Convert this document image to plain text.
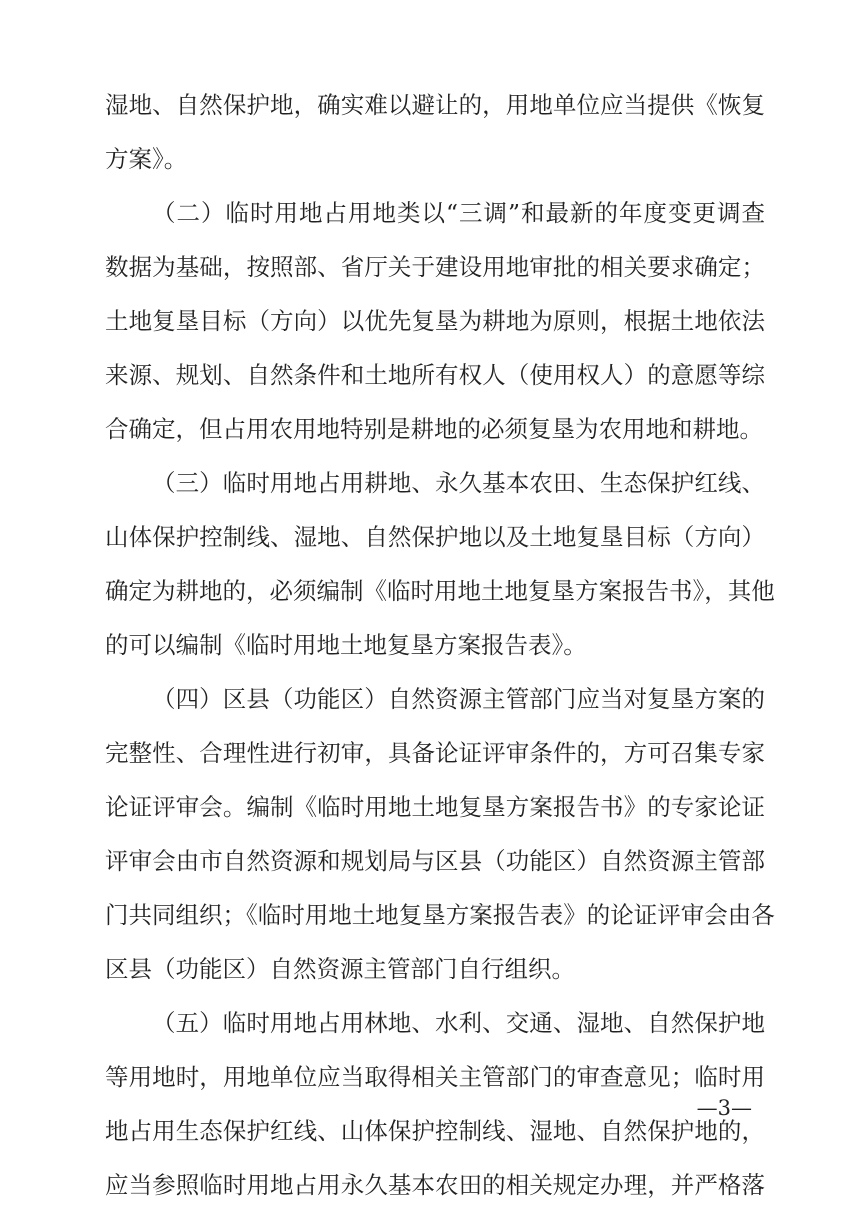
湿地、自然保护地，确实难以避让的，用地单位应当提供《恢复
方案》。
（二）临时用地占用地类以“三调”和最新的年度变更调查
数据为基础，按照部、省厅关于建设用地审批的相关要求确定；
土地复垦目标（方向）以优先复垦为耕地为原则，根据土地依法
来源、规划、自然条件和土地所有权人（使用权人）的意愿等综
合确定，但占用农用地特别是耕地的必须复垦为农用地和耕地。
（三）临时用地占用耕地、永久基本农田、生态保护红线、
山体保护控制线、湿地、自然保护地以及土地复垦目标（方向）
确定为耕地的，必须编制《临时用地土地复垦方案报告书》，其他
的可以编制《临时用地土地复垦方案报告表》。
（四）区县（功能区）自然资源主管部门应当对复垦方案的
完整性、合理性进行初审，具备论证评审条件的，方可召集专家
论证评审会。编制《临时用地土地复垦方案报告书》的专家论证
评审会由市自然资源和规划局与区县（功能区）自然资源主管部
门共同组织；《临时用地土地复垦方案报告表》的论证评审会由各
区县（功能区）自然资源主管部门自行组织。
（五）临时用地占用林地、水利、交通、湿地、自然保护地
等用地时，用地单位应当取得相关主管部门的审查意见；临时用
地占用生态保护红线、山体保护控制线、湿地、自然保护地的，
应当参照临时用地占用永久基本农田的相关规定办理，并严格落
—3—
